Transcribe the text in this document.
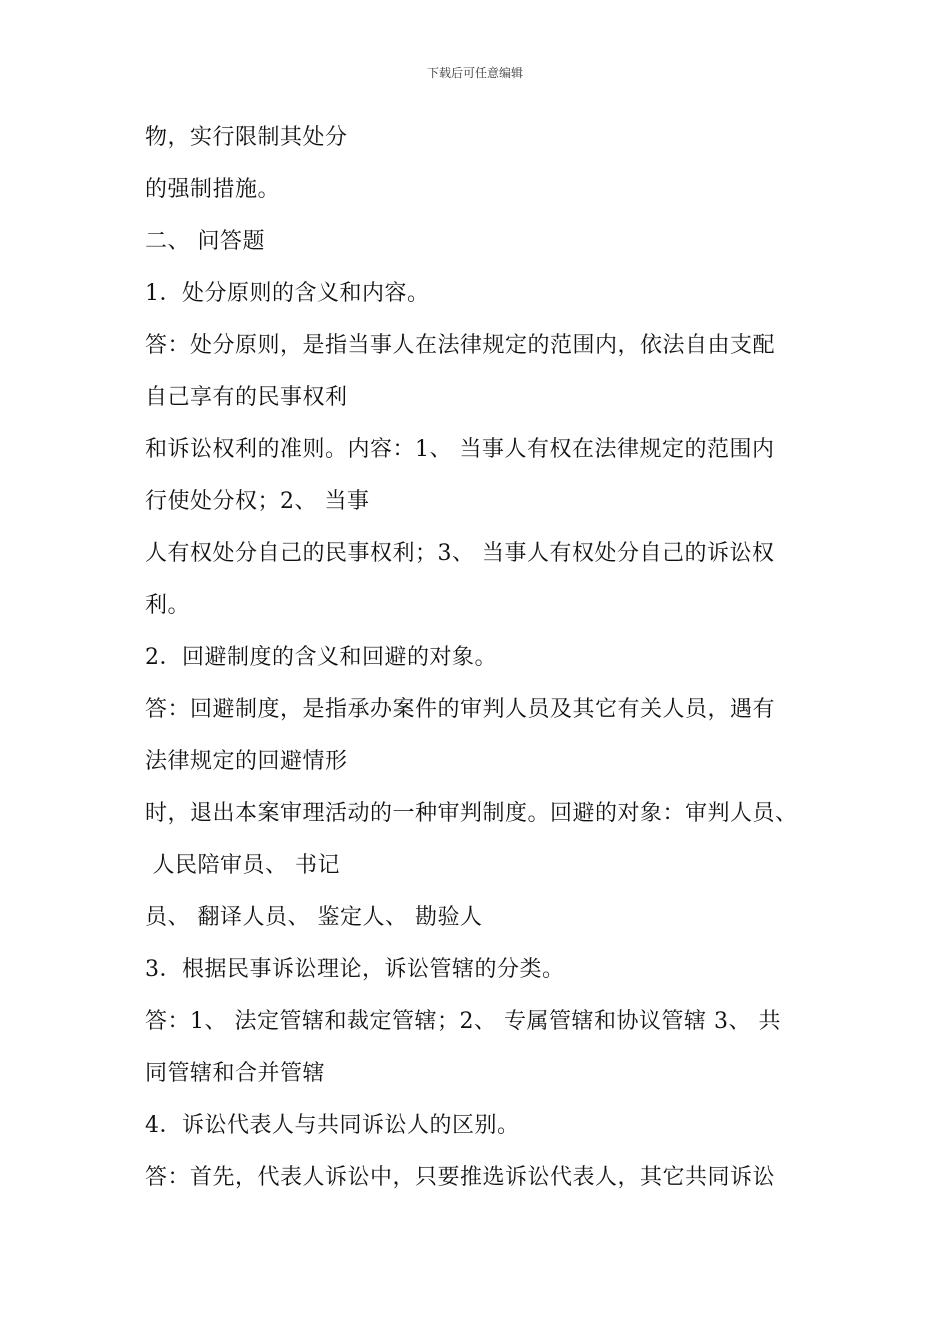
下载后可任意编辑
物，实行限制其处分
的强制措施。
二、 问答题
1．处分原则的含义和内容。
答：处分原则，是指当事人在法律规定的范围内，依法自由支配
自己享有的民事权利
和诉讼权利的准则。内容：1、 当事人有权在法律规定的范围内
行使处分权；2、 当事
人有权处分自己的民事权利；3、 当事人有权处分自己的诉讼权
利。
2．回避制度的含义和回避的对象。
答：回避制度，是指承办案件的审判人员及其它有关人员，遇有
法律规定的回避情形
时，退出本案审理活动的一种审判制度。回避的对象：审判人员、
人民陪审员、 书记
员、 翻译人员、 鉴定人、 勘验人
3．根据民事诉讼理论，诉讼管辖的分类。
答：1、 法定管辖和裁定管辖；2、 专属管辖和协议管辖 3、 共
同管辖和合并管辖
4．诉讼代表人与共同诉讼人的区别。
答：首先，代表人诉讼中，只要推选诉讼代表人，其它共同诉讼
